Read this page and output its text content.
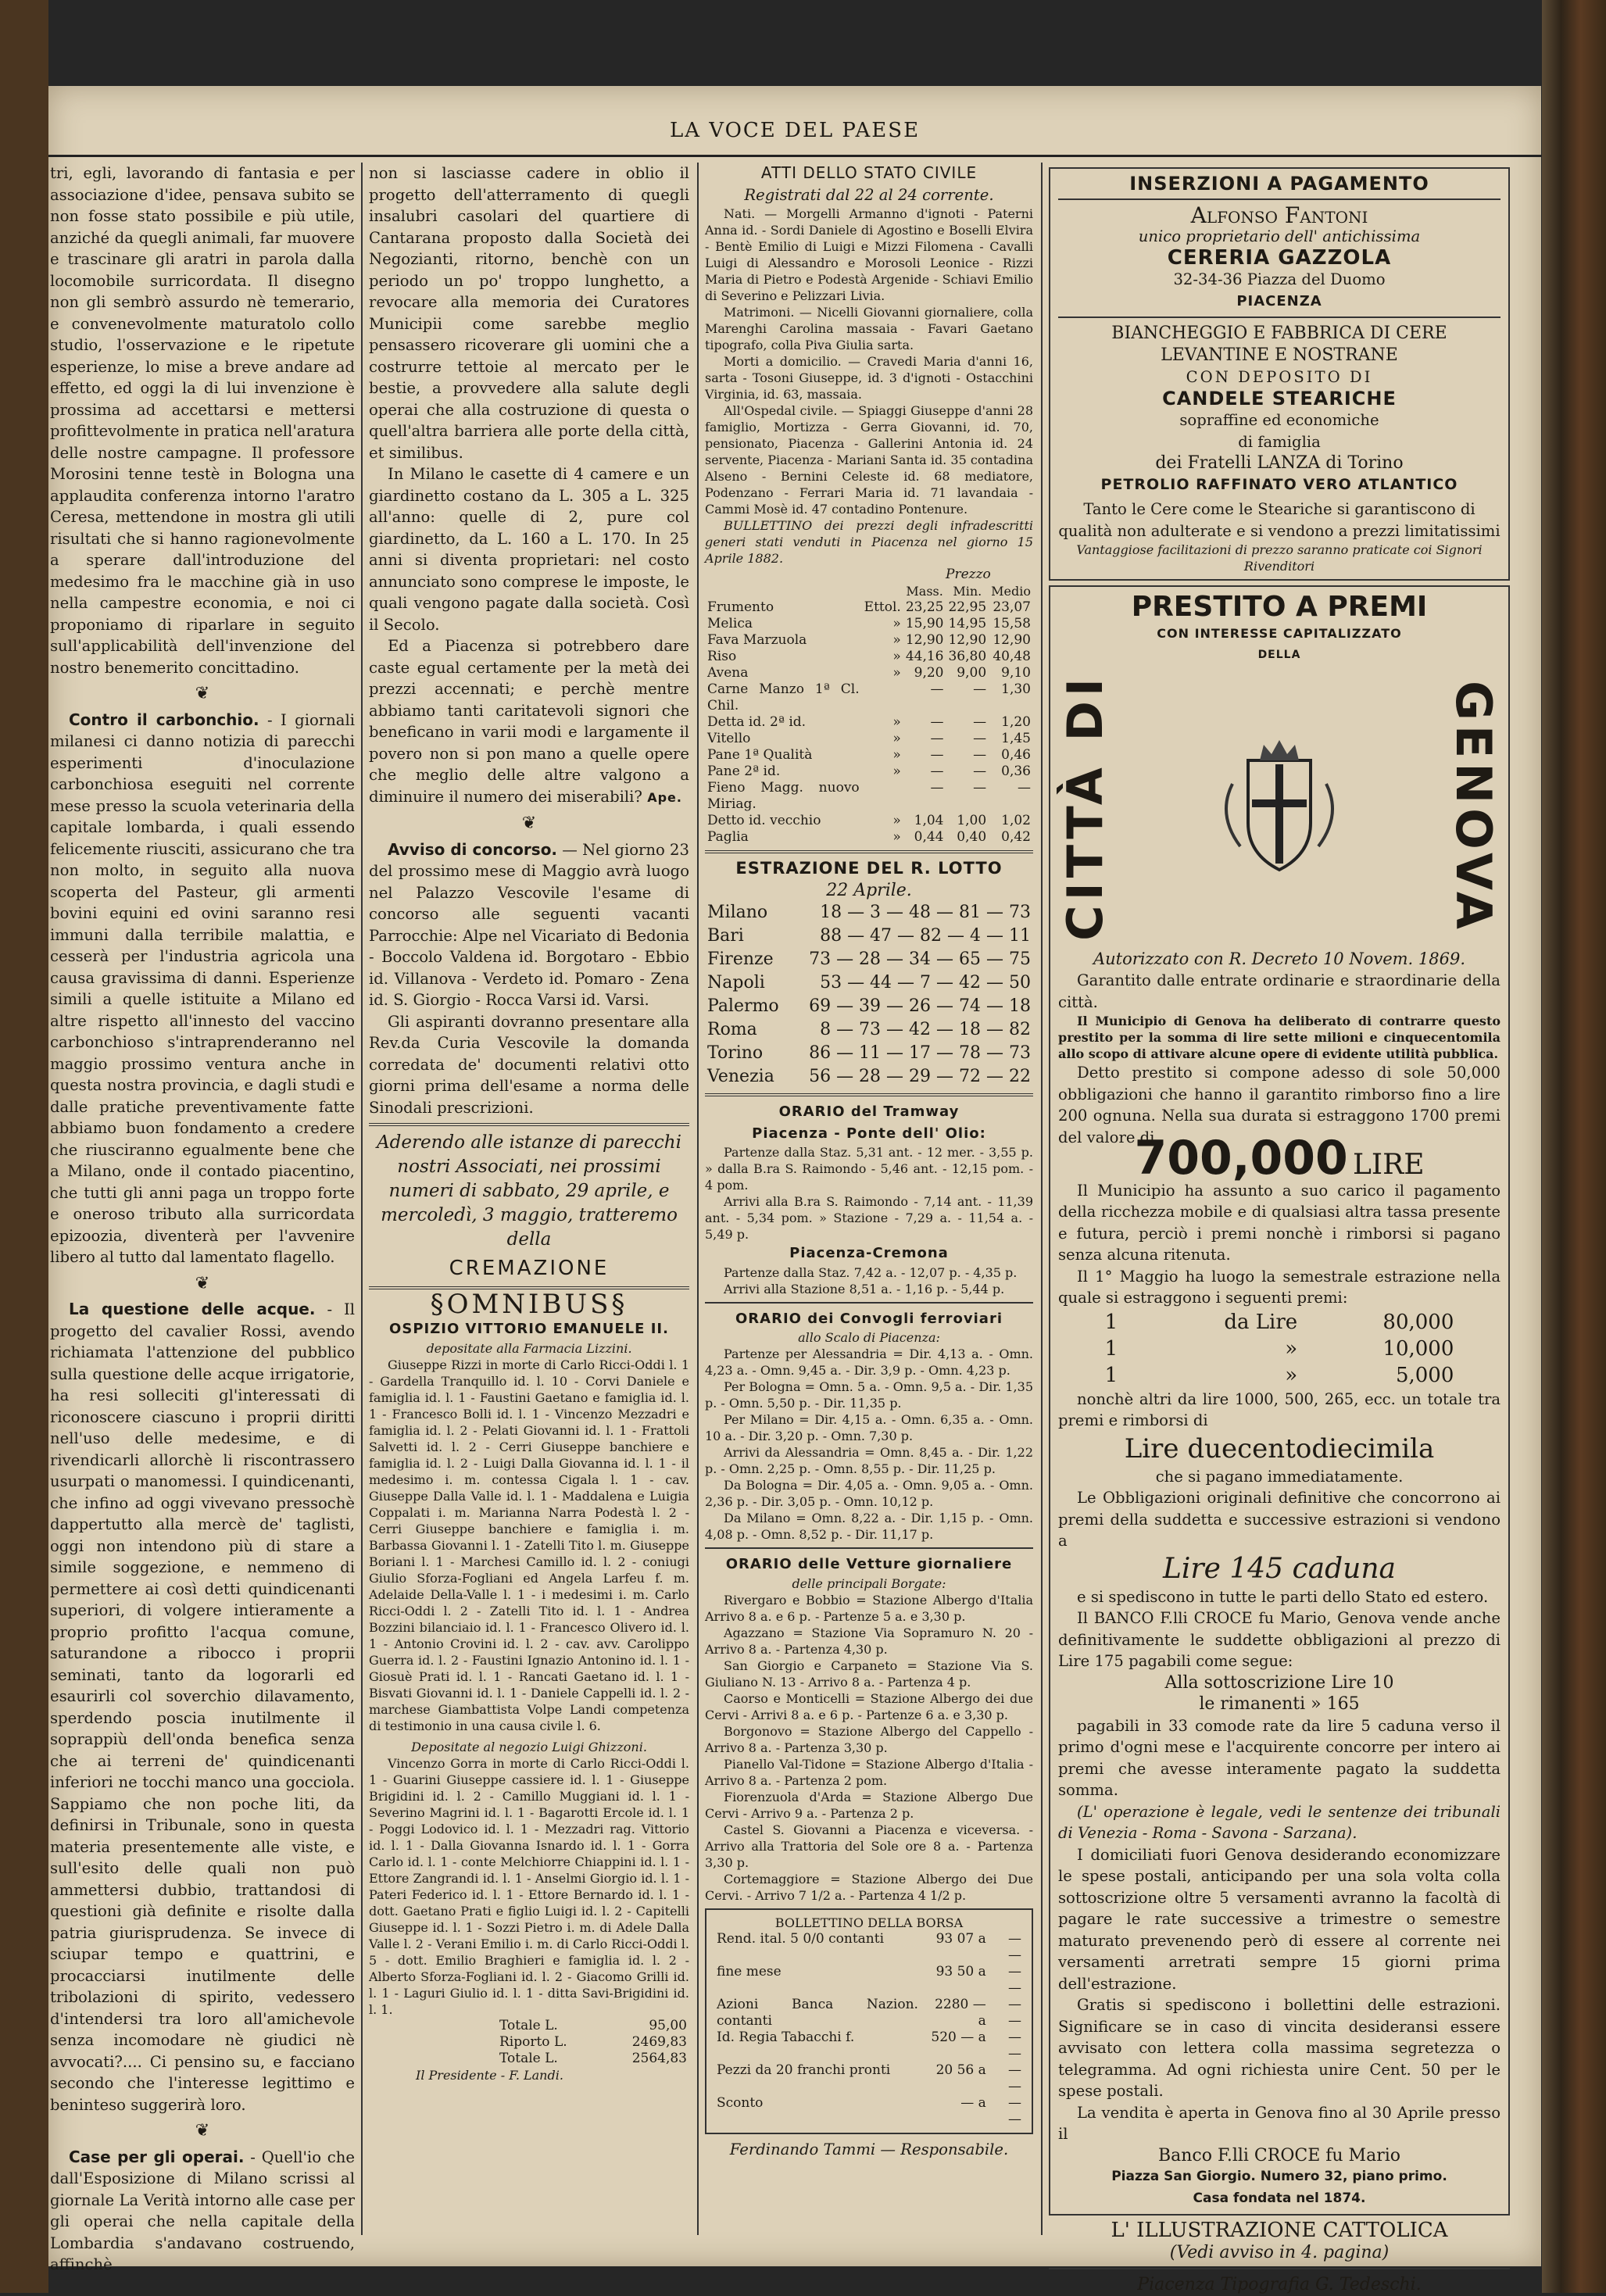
LA VOCE DEL PAESE

tri, egli, lavorando di fantasia e per associazione d'idee, pensava subito se non fosse stato possibile e più utile, anziché da quegli animali, far muovere e trascinare gli aratri in parola dalla locomobile surricordata. Il disegno non gli sembrò assurdo nè temerario, e convenevolmente maturatolo collo studio, l'osservazione e le ripetute esperienze, lo mise a breve andare ad effetto, ed oggi la di lui invenzione è prossima ad accettarsi e mettersi profittevolmente in pratica nell'aratura delle nostre campagne. Il professore Morosini tenne testè in Bologna una applaudita conferenza intorno l'aratro Ceresa, mettendone in mostra gli utili risultati che si hanno ragionevolmente a sperare dall'introduzione del medesimo fra le macchine già in uso nella campestre economia, e noi ci proponiamo di riparlare in seguito sull'applicabilità dell'invenzione del nostro benemerito concittadino.

❦

Contro il carbonchio. - I giornali milanesi ci danno notizia di parecchi esperimenti d'inoculazione carbonchiosa eseguiti nel corrente mese presso la scuola veterinaria della capitale lombarda, i quali essendo felicemente riusciti, assicurano che tra non molto, in seguito alla nuova scoperta del Pasteur, gli armenti bovini equini ed ovini saranno resi immuni dalla terribile malattia, e cesserà per l'industria agricola una causa gravissima di danni. Esperienze simili a quelle istituite a Milano ed altre rispetto all'innesto del vaccino carbonchioso s'intraprenderanno nel maggio prossimo ventura anche in questa nostra provincia, e dagli studi e dalle pratiche preventivamente fatte abbiamo buon fondamento a credere che riusciranno egualmente bene che a Milano, onde il contado piacentino, che tutti gli anni paga un troppo forte e oneroso tributo alla surricordata epizoozia, diventerà per l'avvenire libero al tutto dal lamentato flagello.

❦

La questione delle acque. - Il progetto del cavalier Rossi, avendo richiamata l'attenzione del pubblico sulla questione delle acque irrigatorie, ha resi solleciti gl'interessati di riconoscere ciascuno i proprii diritti nell'uso delle medesime, e di rivendicarli allorchè li riscontrassero usurpati o manomessi. I quindicenanti, che infino ad oggi vivevano pressochè dappertutto alla mercè de' taglisti, oggi non intendono più di stare a simile soggezione, e nemmeno di permettere ai così detti quindicenanti superiori, di volgere intieramente a proprio profitto l'acqua comune, saturandone a ribocco i proprii seminati, tanto da logorarli ed esaurirli col soverchio dilavamento, sperdendo poscia inutilmente il soprappiù dell'onda benefica senza che ai terreni de' quindicenanti inferiori ne tocchi manco una gocciola. Sappiamo che non poche liti, da definirsi in Tribunale, sono in questa materia presentemente alle viste, e sull'esito delle quali non può ammettersi dubbio, trattandosi di questioni già definite e risolte dalla patria giurisprudenza. Se invece di sciupar tempo e quattrini, e procacciarsi inutilmente delle tribolazioni di spirito, vedessero d'intendersi tra loro all'amichevole senza incomodare nè giudici nè avvocati?.... Ci pensino su, e facciano secondo che l'interesse legittimo e beninteso suggerirà loro.

❦

Case per gli operai. - Quell'io che dall'Esposizione di Milano scrissi al giornale La Verità intorno alle case per gli operai che nella capitale della Lombardia s'andavano costruendo, affinchè

non si lasciasse cadere in oblio il progetto dell'atterramento di quegli insalubri casolari del quartiere di Cantarana proposto dalla Società dei Negozianti, ritorno, benchè con un periodo un po' troppo lunghetto, a revocare alla memoria dei Curatores Municipii come sarebbe meglio pensassero ricoverare gli uomini che a costrurre tettoie al mercato per le bestie, a provvedere alla salute degli operai che alla costruzione di questa o quell'altra barriera alle porte della città, et similibus.

In Milano le casette di 4 camere e un giardinetto costano da L. 305 a L. 325 all'anno: quelle di 2, pure col giardinetto, da L. 160 a L. 170. In 25 anni si diventa proprietari: nel costo annunciato sono comprese le imposte, le quali vengono pagate dalla società. Così il Secolo.

Ed a Piacenza si potrebbero dare caste egual certamente per la metà dei prezzi accennati; e perchè mentre abbiamo tanti caritatevoli signori che beneficano in varii modi e largamente il povero non si pon mano a quelle opere che meglio delle altre valgono a diminuire il numero dei miserabili? Ape.

❦

Avviso di concorso. — Nel giorno 23 del prossimo mese di Maggio avrà luogo nel Palazzo Vescovile l'esame di concorso alle seguenti vacanti Parrocchie: Alpe nel Vicariato di Bedonia - Boccolo Valdena id. Borgotaro - Ebbio id. Villanova - Verdeto id. Pomaro - Zena id. S. Giorgio - Rocca Varsi id. Varsi.

Gli aspiranti dovranno presentare alla Rev.da Curia Vescovile la domanda corredata de' documenti relativi otto giorni prima dell'esame a norma delle Sinodali prescrizioni.

Aderendo alle istanze di parecchi nostri Associati, nei prossimi numeri di sabbato, 29 aprile, e mercoledì, 3 maggio, tratteremo della

CREMAZIONE
§OMNIBUS§
OSPIZIO VITTORIO EMANUELE II.
depositate alla Farmacia Lizzini.

Giuseppe Rizzi in morte di Carlo Ricci-Oddi l. 1 - Gardella Tranquillo id. l. 10 - Corvi Daniele e famiglia id. l. 1 - Faustini Gaetano e famiglia id. l. 1 - Francesco Bolli id. l. 1 - Vincenzo Mezzadri e famiglia id. l. 2 - Pelati Giovanni id. l. 1 - Frattoli Salvetti id. l. 2 - Cerri Giuseppe banchiere e famiglia id. l. 2 - Luigi Dalla Giovanna id. l. 1 - il medesimo i. m. contessa Cigala l. 1 - cav. Giuseppe Dalla Valle id. l. 1 - Maddalena e Luigia Coppalati i. m. Marianna Narra Podestà l. 2 - Cerri Giuseppe banchiere e famiglia i. m. Barbassa Giovanni l. 1 - Zatelli Tito l. m. Giuseppe Boriani l. 1 - Marchesi Camillo id. l. 2 - coniugi Giulio Sforza-Fogliani ed Angela Larfeu f. m. Adelaide Della-Valle l. 1 - i medesimi i. m. Carlo Ricci-Oddi l. 2 - Zatelli Tito id. l. 1 - Andrea Bozzini bilanciaio id. l. 1 - Francesco Olivero id. l. 1 - Antonio Crovini id. l. 2 - cav. avv. Carolippo Guerra id. l. 2 - Faustini Ignazio Antonino id. l. 1 - Giosuè Prati id. l. 1 - Rancati Gaetano id. l. 1 - Bisvati Giovanni id. l. 1 - Daniele Cappelli id. l. 2 - marchese Giambattista Volpe Landi competenza di testimonio in una causa civile l. 6.

Depositate al negozio Luigi Ghizzoni.

Vincenzo Gorra in morte di Carlo Ricci-Oddi l. 1 - Guarini Giuseppe cassiere id. l. 1 - Giuseppe Brigidini id. l. 2 - Camillo Muggiani id. l. 1 - Severino Magrini id. l. 1 - Bagarotti Ercole id. l. 1 - Poggi Lodovico id. l. 1 - Mezzadri rag. Vittorio id. l. 1 - Dalla Giovanna Isnardo id. l. 1 - Gorra Carlo id. l. 1 - conte Melchiorre Chiappini id. l. 1 - Ettore Zangrandi id. l. 1 - Anselmi Giorgio id. l. 1 - Pateri Federico id. l. 1 - Ettore Bernardo id. l. 1 - dott. Gaetano Prati e figlio Luigi id. l. 2 - Capitelli Giuseppe id. l. 1 - Sozzi Pietro i. m. di Adele Dalla Valle l. 2 - Verani Emilio i. m. di Carlo Ricci-Oddi l. 5 - dott. Emilio Braghieri e famiglia id. l. 2 - Alberto Sforza-Fogliani id. l. 2 - Giacomo Grilli id. l. 1 - Laguri Giulio id. l. 1 - ditta Savi-Brigidini id. l. 1.

Totale L.	95,00
Riporto L.	2469,83
Totale L.	2564,83
Il Presidente - F. Landi.
ATTI DELLO STATO CIVILE
Registrati dal 22 al 24 corrente.

Nati. — Morgelli Armanno d'ignoti - Paterni Anna id. - Sordi Daniele di Agostino e Boselli Elvira - Bentè Emilio di Luigi e Mizzi Filomena - Cavalli Luigi di Alessandro e Morosoli Leonice - Rizzi Maria di Pietro e Podestà Argenide - Schiavi Emilio di Severino e Pelizzari Livia.

Matrimoni. — Nicelli Giovanni giornaliere, colla Marenghi Carolina massaia - Favari Gaetano tipografo, colla Piva Giulia sarta.

Morti a domicilio. — Cravedi Maria d'anni 16, sarta - Tosoni Giuseppe, id. 3 d'ignoti - Ostacchini Virginia, id. 63, massaia.

All'Ospedal civile. — Spiaggi Giuseppe d'anni 28 famiglio, Mortizza - Gerra Giovanni, id. 70, pensionato, Piacenza - Gallerini Antonia id. 24 servente, Piacenza - Mariani Santa id. 35 contadina Alseno - Bernini Celeste id. 68 mediatore, Podenzano - Ferrari Maria id. 71 lavandaia - Cammi Mosè id. 47 contadino Pontenure.

BULLETTINO dei prezzi degli infradescritti generi stati venduti in Piacenza nel giorno 15 Aprile 1882.

		Prezzo		
		Mass.	Min.	Medio
Frumento	Ettol.	23,25	22,95	23,07
Melica	»	15,90	14,95	15,58
Fava Marzuola	»	12,90	12,90	12,90
Riso	»	44,16	36,80	40,48
Avena	»	9,20	9,00	9,10
Carne Manzo 1ª Cl. Chil.		—	—	1,30
Detta id. 2ª id.	»	—	—	1,20
Vitello	»	—	—	1,45
Pane 1ª Qualità	»	—	—	0,46
Pane 2ª id.	»	—	—	0,36
Fieno Magg. nuovo Miriag.		—	—	—
Detto id. vecchio	»	1,04	1,00	1,02
Paglia	»	0,44	0,40	0,42
ESTRAZIONE DEL R. LOTTO
22 Aprile.
Milano	18 — 3 — 48 — 81 — 73
Bari	88 — 47 — 82 — 4 — 11
Firenze	73 — 28 — 34 — 65 — 75
Napoli	53 — 44 — 7 — 42 — 50
Palermo	69 — 39 — 26 — 74 — 18
Roma	8 — 73 — 42 — 18 — 82
Torino	86 — 11 — 17 — 78 — 73
Venezia	56 — 28 — 29 — 72 — 22
ORARIO del Tramway
Piacenza - Ponte dell' Olio:

Partenze dalla Staz. 5,31 ant. - 12 mer. - 3,55 p. » dalla B.ra S. Raimondo - 5,46 ant. - 12,15 pom. - 4 pom.

Arrivi alla B.ra S. Raimondo - 7,14 ant. - 11,39 ant. - 5,34 pom. » Stazione - 7,29 a. - 11,54 a. - 5,49 p.

Piacenza-Cremona

Partenze dalla Staz. 7,42 a. - 12,07 p. - 4,35 p.

Arrivi alla Stazione 8,51 a. - 1,16 p. - 5,44 p.

ORARIO dei Convogli ferroviari
allo Scalo di Piacenza:

Partenze per Alessandria = Dir. 4,13 a. - Omn. 4,23 a. - Omn. 9,45 a. - Dir. 3,9 p. - Omn. 4,23 p.

Per Bologna = Omn. 5 a. - Omn. 9,5 a. - Dir. 1,35 p. - Omn. 5,50 p. - Dir. 11,35 p.

Per Milano = Dir. 4,15 a. - Omn. 6,35 a. - Omn. 10 a. - Dir. 3,20 p. - Omn. 7,30 p.

Arrivi da Alessandria = Omn. 8,45 a. - Dir. 1,22 p. - Omn. 2,25 p. - Omn. 8,55 p. - Dir. 11,25 p.

Da Bologna = Dir. 4,05 a. - Omn. 9,05 a. - Omn. 2,36 p. - Dir. 3,05 p. - Omn. 10,12 p.

Da Milano = Omn. 8,22 a. - Dir. 1,15 p. - Omn. 4,08 p. - Omn. 8,52 p. - Dir. 11,17 p.

ORARIO delle Vetture giornaliere
delle principali Borgate:

Rivergaro e Bobbio = Stazione Albergo d'Italia Arrivo 8 a. e 6 p. - Partenze 5 a. e 3,30 p.

Agazzano = Stazione Via Sopramuro N. 20 - Arrivo 8 a. - Partenza 4,30 p.

San Giorgio e Carpaneto = Stazione Via S. Giuliano N. 13 - Arrivo 8 a. - Partenza 4 p.

Caorso e Monticelli = Stazione Albergo dei due Cervi - Arrivi 8 a. e 6 p. - Partenze 6 a. e 3,30 p.

Borgonovo = Stazione Albergo del Cappello - Arrivo 8 a. - Partenza 3,30 p.

Pianello Val-Tidone = Stazione Albergo d'Italia - Arrivo 8 a. - Partenza 2 pom.

Fiorenzuola d'Arda = Stazione Albergo Due Cervi - Arrivo 9 a. - Partenza 2 p.

Castel S. Giovanni a Piacenza e viceversa. - Arrivo alla Trattoria del Sole ore 8 a. - Partenza 3,30 p.

Cortemaggiore = Stazione Albergo dei Due Cervi. - Arrivo 7 1/2 a. - Partenza 4 1/2 p.

BOLLETTINO DELLA BORSA
Rend. ital. 5 0/0 contanti	93 07 a	— —
fine mese	93 50 a	— —
Azioni Banca Nazion. contanti	2280 — a	— —
Id. Regia Tabacchi f.	520 — a	— —
Pezzi da 20 franchi pronti	20 56 a	— —
Sconto	— a	— —
Ferdinando Tammi — Responsabile.
INSERZIONI A PAGAMENTO
Alfonso Fantoni
unico proprietario dell' antichissima
CERERIA GAZZOLA
32-34-36 Piazza del Duomo
PIACENZA
BIANCHEGGIO E FABBRICA DI CERE LEVANTINE E NOSTRANE
CON DEPOSITO DI
CANDELE STEARICHE
sopraffine ed economiche
di famiglia
dei Fratelli LANZA di Torino
PETROLIO RAFFINATO VERO ATLANTICO
Tanto le Cere come le Steariche si garantiscono di qualità non adulterate e si vendono a prezzi limitatissimi
Vantaggiose facilitazioni di prezzo saranno praticate coi Signori Rivenditori
PRESTITO A PREMI
CON INTERESSE CAPITALIZZATO
DELLA
CITTÀ DI	GENOVA
Autorizzato con R. Decreto 10 Novem. 1869.

Garantito dalle entrate ordinarie e straordinarie della città.

Il Municipio di Genova ha deliberato di contrarre questo prestito per la somma di lire sette milioni e cinquecentomila allo scopo di attivare alcune opere di evidente utilità pubblica.

Detto prestito si compone adesso di sole 50,000 obbligazioni che hanno il garantito rimborso fino a lire 200 ognuna. Nella sua durata si estraggono 1700 premi del valore di

700,000 LIRE

Il Municipio ha assunto a suo carico il pagamento della ricchezza mobile e di qualsiasi altra tassa presente e futura, perciò i premi nonchè i rimborsi si pagano senza alcuna ritenuta.

Il 1° Maggio ha luogo la semestrale estrazione nella quale si estraggono i seguenti premi:

1	da Lire	80,000
1	»	10,000
1	»	5,000

nonchè altri da lire 1000, 500, 265, ecc. un totale tra premi e rimborsi di

Lire duecentodiecimila
che si pagano immediatamente.

Le Obbligazioni originali definitive che concorrono ai premi della suddetta e successive estrazioni si vendono a

Lire 145 caduna

e si spediscono in tutte le parti dello Stato ed estero.

Il BANCO F.lli CROCE fu Mario, Genova vende anche definitivamente le suddette obbligazioni al prezzo di Lire 175 pagabili come segue:

Alla sottoscrizione Lire 10
le rimanenti » 165

pagabili in 33 comode rate da lire 5 caduna verso il primo d'ogni mese e l'acquirente concorre per intero ai premi che avesse interamente pagato la suddetta somma.

(L' operazione è legale, vedi le sentenze dei tribunali di Venezia - Roma - Savona - Sarzana).

I domiciliati fuori Genova desiderando economizzare le spese postali, anticipando per una sola volta colla sottoscrizione oltre 5 versamenti avranno la facoltà di pagare le rate successive a trimestre o semestre maturato prevenendo però di essere al corrente nei versamenti arretrati sempre 15 giorni prima dell'estrazione.

Gratis si spediscono i bollettini delle estrazioni. Significare se in caso di vincita desideransi essere avvisato con lettera colla massima segretezza o telegramma. Ad ogni richiesta unire Cent. 50 per le spese postali.

La vendita è aperta in Genova fino al 30 Aprile presso il

Banco F.lli CROCE fu Mario
Piazza San Giorgio. Numero 32, piano primo.
Casa fondata nel 1874.
L' ILLUSTRAZIONE CATTOLICA
(Vedi avviso in 4. pagina)
Piacenza Tipografia G. Tedeschi.
